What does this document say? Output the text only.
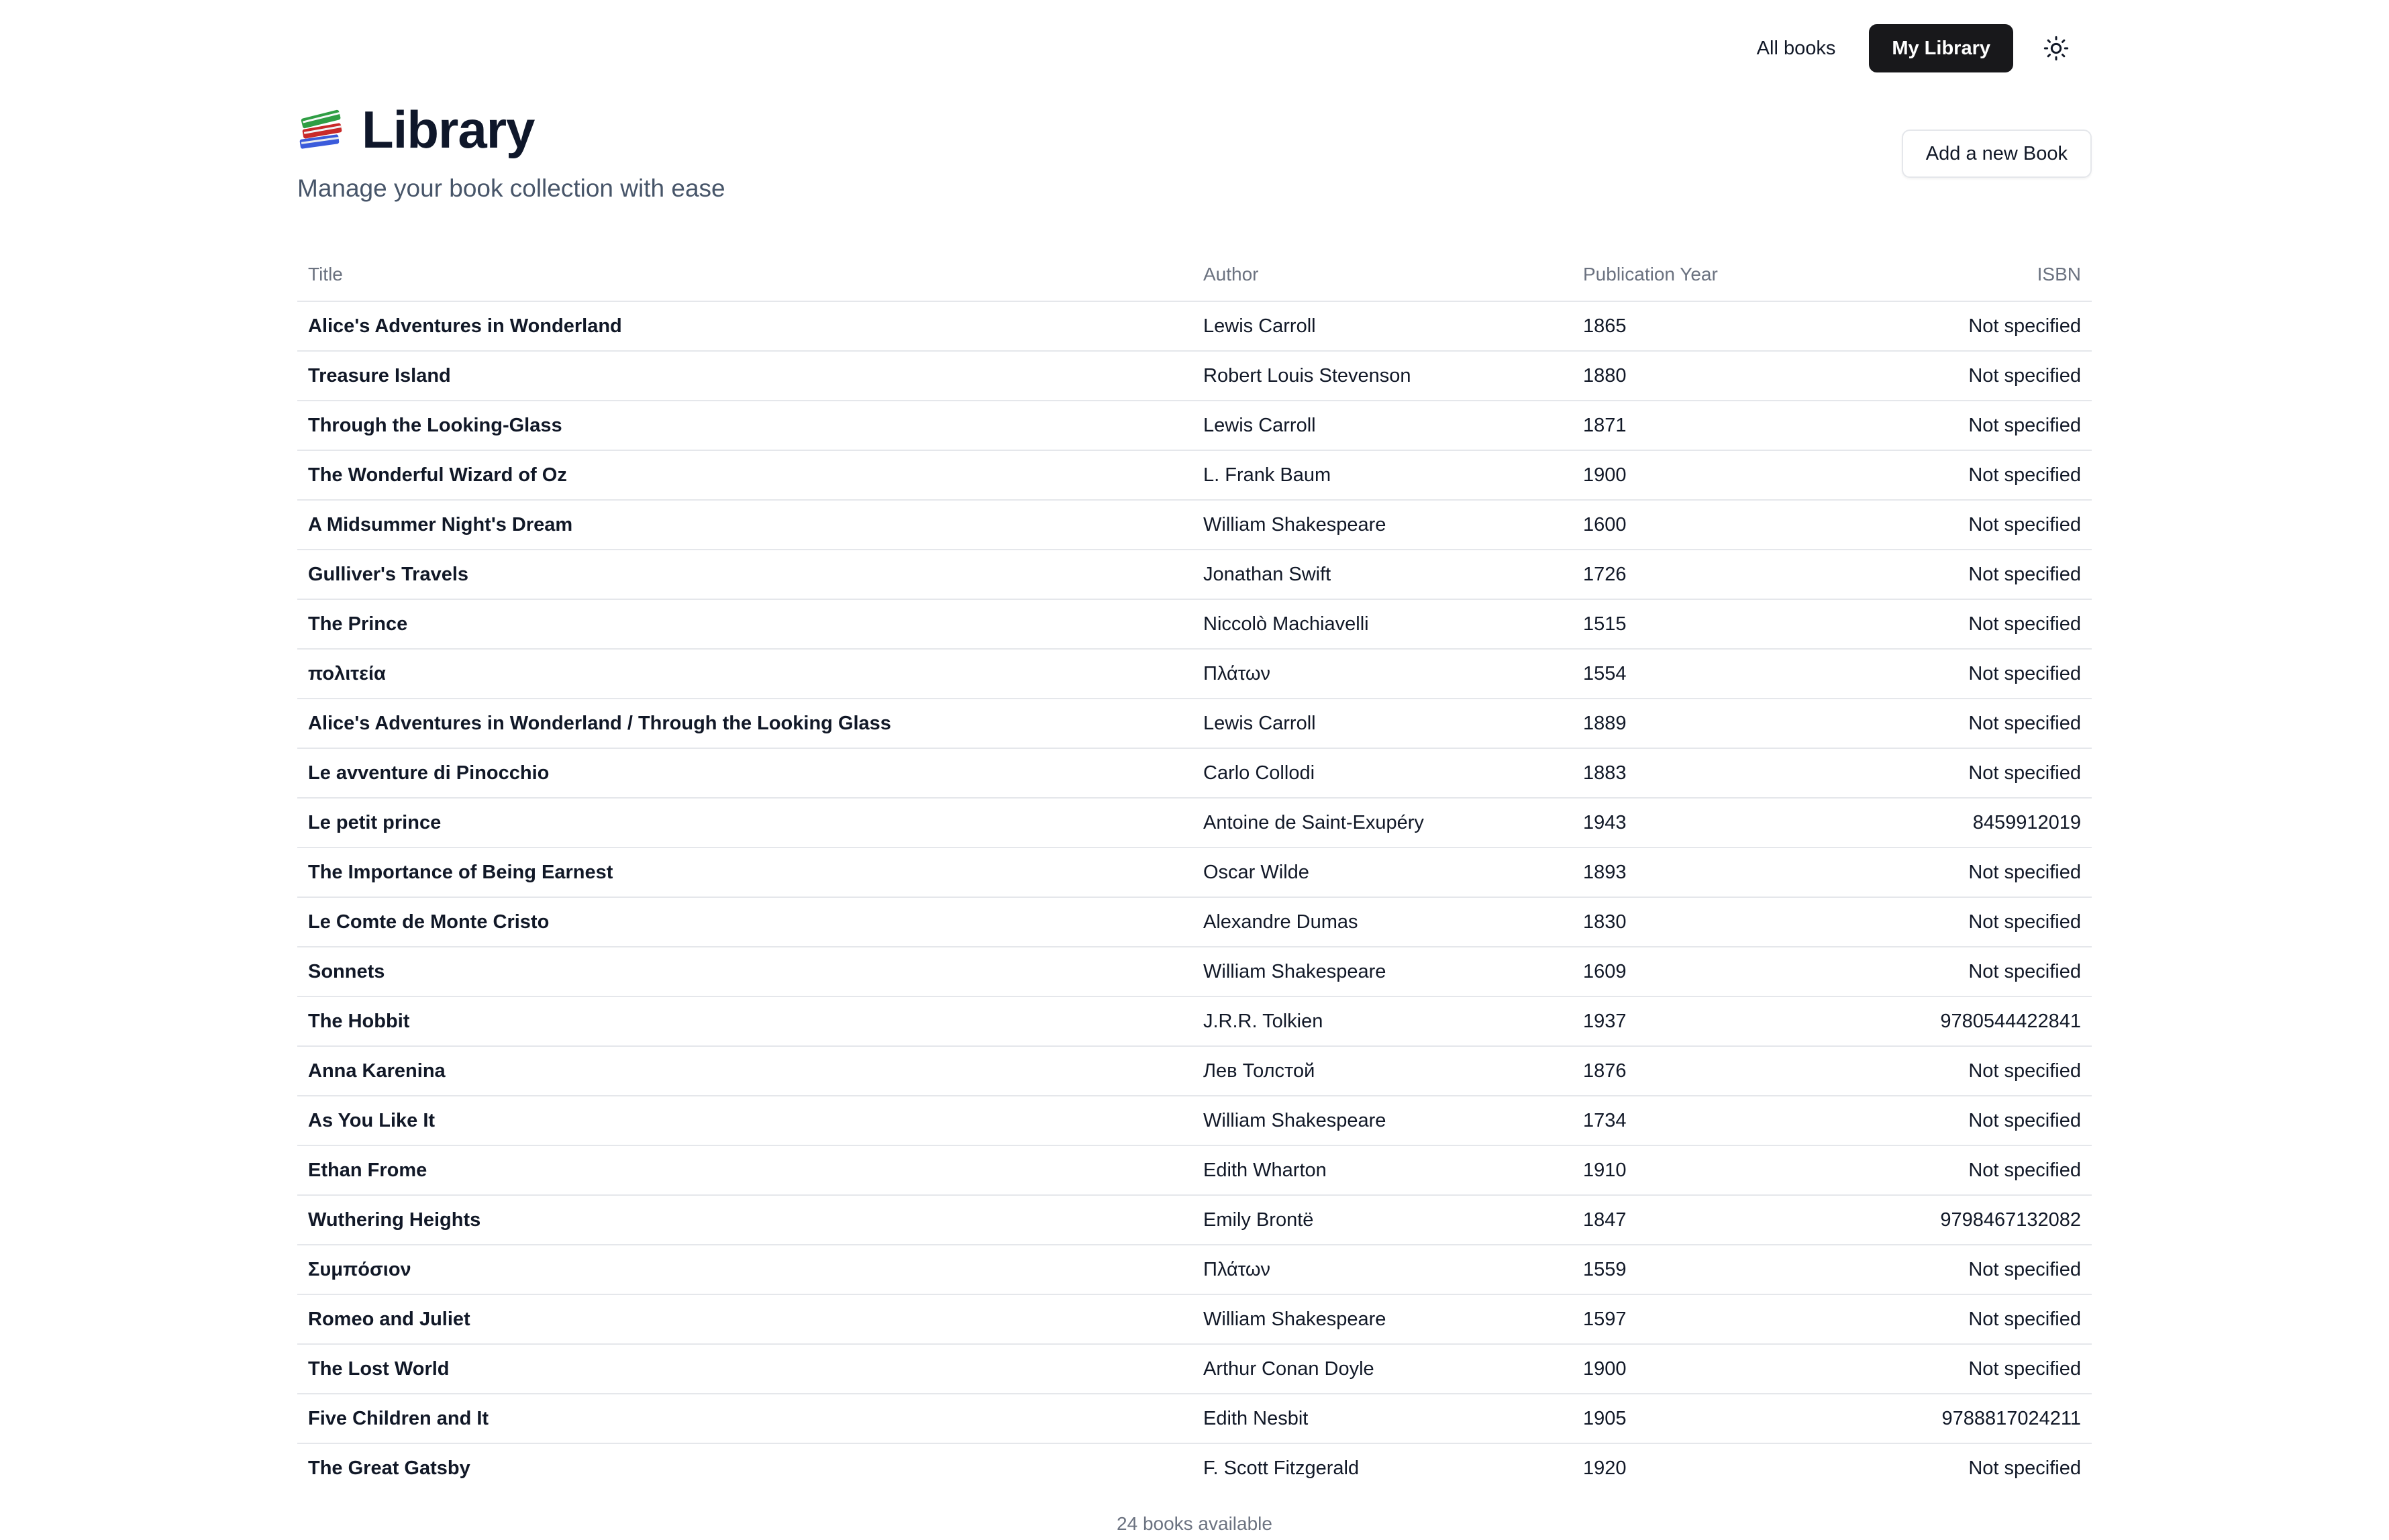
All books	My Library
Library
Manage your book collection with ease
Add a new Book
Title	Author	Publication Year	ISBN
Alice's Adventures in Wonderland	Lewis Carroll	1865	Not specified
Treasure Island	Robert Louis Stevenson	1880	Not specified
Through the Looking-Glass	Lewis Carroll	1871	Not specified
The Wonderful Wizard of Oz	L. Frank Baum	1900	Not specified
A Midsummer Night's Dream	William Shakespeare	1600	Not specified
Gulliver's Travels	Jonathan Swift	1726	Not specified
The Prince	Niccolò Machiavelli	1515	Not specified
πολιτεία	Πλάτων	1554	Not specified
Alice's Adventures in Wonderland / Through the Looking Glass	Lewis Carroll	1889	Not specified
Le avventure di Pinocchio	Carlo Collodi	1883	Not specified
Le petit prince	Antoine de Saint-Exupéry	1943	8459912019
The Importance of Being Earnest	Oscar Wilde	1893	Not specified
Le Comte de Monte Cristo	Alexandre Dumas	1830	Not specified
Sonnets	William Shakespeare	1609	Not specified
The Hobbit	J.R.R. Tolkien	1937	9780544422841
Anna Karenina	Лев Толстой	1876	Not specified
As You Like It	William Shakespeare	1734	Not specified
Ethan Frome	Edith Wharton	1910	Not specified
Wuthering Heights	Emily Brontë	1847	9798467132082
Συμπόσιον	Πλάτων	1559	Not specified
Romeo and Juliet	William Shakespeare	1597	Not specified
The Lost World	Arthur Conan Doyle	1900	Not specified
Five Children and It	Edith Nesbit	1905	9788817024211
The Great Gatsby	F. Scott Fitzgerald	1920	Not specified
24 books available
